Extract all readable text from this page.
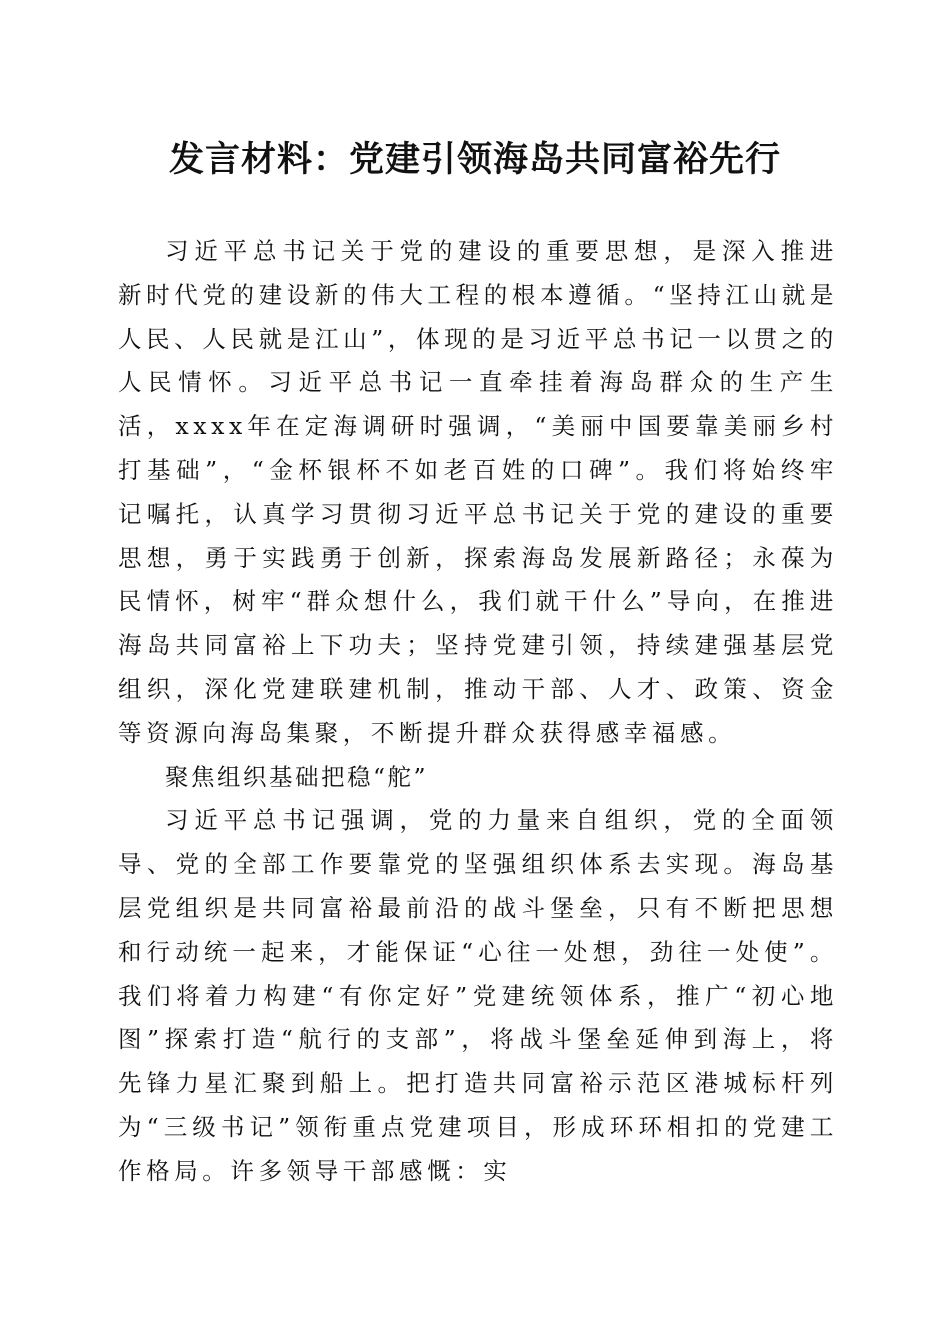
发言材料：党建引领海岛共同富裕先行

习近平总书记关于党的建设的重要思想，是深入推进新时代党的建设新的伟大工程的根本遵循。“坚持江山就是人民、人民就是江山”，体现的是习近平总书记一以贯之的人民情怀。习近平总书记一直牵挂着海岛群众的生产生活，xxxx年在定海调研时强调，“美丽中国要靠美丽乡村打基础”，“金杯银杯不如老百姓的口碑”。我们将始终牢记嘱托，认真学习贯彻习近平总书记关于党的建设的重要思想，勇于实践勇于创新，探索海岛发展新路径；永葆为民情怀，树牢“群众想什么，我们就干什么”导向，在推进海岛共同富裕上下功夫；坚持党建引领，持续建强基层党组织，深化党建联建机制，推动干部、人才、政策、资金等资源向海岛集聚，不断提升群众获得感幸福感。

聚焦组织基础把稳“舵”

习近平总书记强调，党的力量来自组织，党的全面领导、党的全部工作要靠党的坚强组织体系去实现。海岛基层党组织是共同富裕最前沿的战斗堡垒，只有不断把思想和行动统一起来，才能保证“心往一处想，劲往一处使”。我们将着力构建“有你定好”党建统领体系，推广“初心地图”探索打造“航行的支部”，将战斗堡垒延伸到海上，将先锋力星汇聚到船上。把打造共同富裕示范区港城标杆列为“三级书记”领衔重点党建项目，形成环环相扣的党建工作格局。许多领导干部感慨：实
